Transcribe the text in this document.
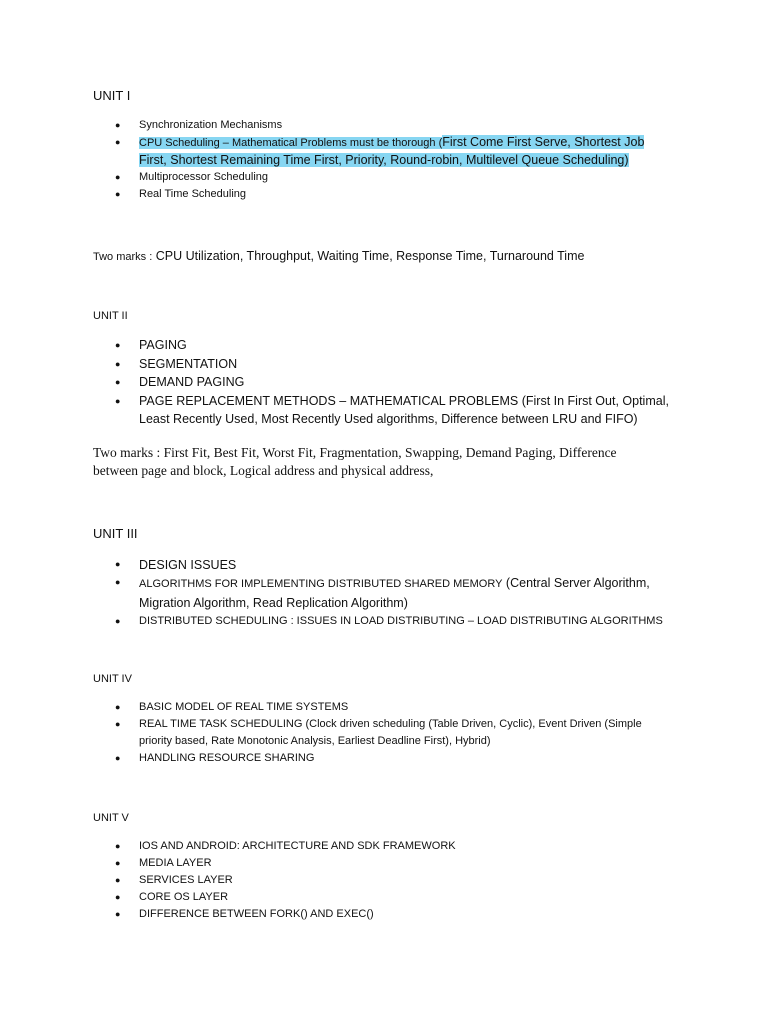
UNIT I
● Synchronization Mechanisms
● CPU Scheduling – Mathematical Problems must be thorough (First Come First Serve, Shortest Job First, Shortest Remaining Time First, Priority, Round-robin, Multilevel Queue Scheduling)
● Multiprocessor Scheduling
● Real Time Scheduling
Two marks : CPU Utilization, Throughput, Waiting Time, Response Time, Turnaround Time
UNIT II
● PAGING
● SEGMENTATION
● DEMAND PAGING
● PAGE REPLACEMENT METHODS – MATHEMATICAL PROBLEMS (First In First Out, Optimal, Least Recently Used, Most Recently Used algorithms, Difference between LRU and FIFO)
Two marks : First Fit, Best Fit, Worst Fit, Fragmentation, Swapping, Demand Paging, Difference between page and block, Logical address and physical address,
UNIT III
● DESIGN ISSUES
● ALGORITHMS FOR IMPLEMENTING DISTRIBUTED SHARED MEMORY (Central Server Algorithm, Migration Algorithm, Read Replication Algorithm)
● DISTRIBUTED SCHEDULING : ISSUES IN LOAD DISTRIBUTING – LOAD DISTRIBUTING ALGORITHMS
UNIT IV
● BASIC MODEL OF REAL TIME SYSTEMS
● REAL TIME TASK SCHEDULING (Clock driven scheduling (Table Driven, Cyclic), Event Driven (Simple priority based, Rate Monotonic Analysis, Earliest Deadline First), Hybrid)
● HANDLING RESOURCE SHARING
UNIT V
● IOS AND ANDROID: ARCHITECTURE AND SDK FRAMEWORK
● MEDIA LAYER
● SERVICES LAYER
● CORE OS LAYER
● DIFFERENCE BETWEEN FORK() AND EXEC()
